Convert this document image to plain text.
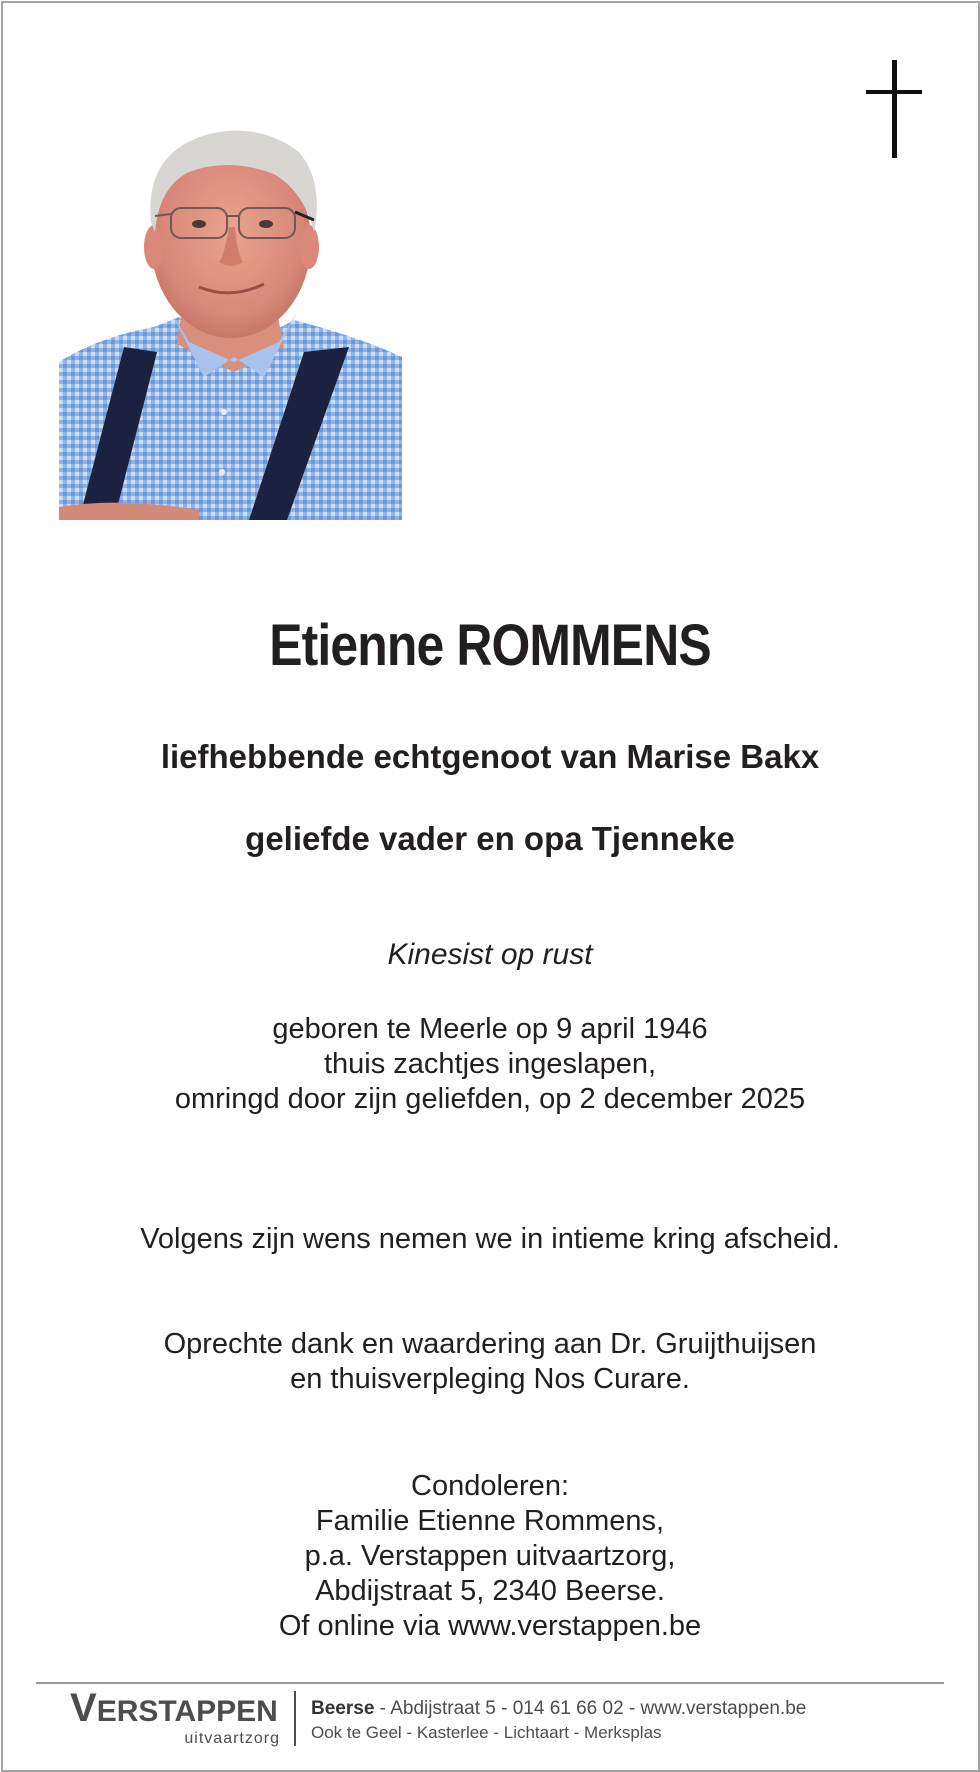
Etienne ROMMENS
liefhebbende echtgenoot van Marise Bakx
geliefde vader en opa Tjenneke
Kinesist op rust
geboren te Meerle op 9 april 1946
thuis zachtjes ingeslapen,
omringd door zijn geliefden, op 2 december 2025
Volgens zijn wens nemen we in intieme kring afscheid.
Oprechte dank en waardering aan Dr. Gruijthuijsen
en thuisverpleging Nos Curare.
Condoleren:
Familie Etienne Rommens,
p.a. Verstappen uitvaartzorg,
Abdijstraat 5, 2340 Beerse.
Of online via www.verstappen.be
VERSTAPPEN
uitvaartzorg
Beerse - Abdijstraat 5 - 014 61 66 02 - www.verstappen.be
Ook te Geel - Kasterlee - Lichtaart - Merksplas
